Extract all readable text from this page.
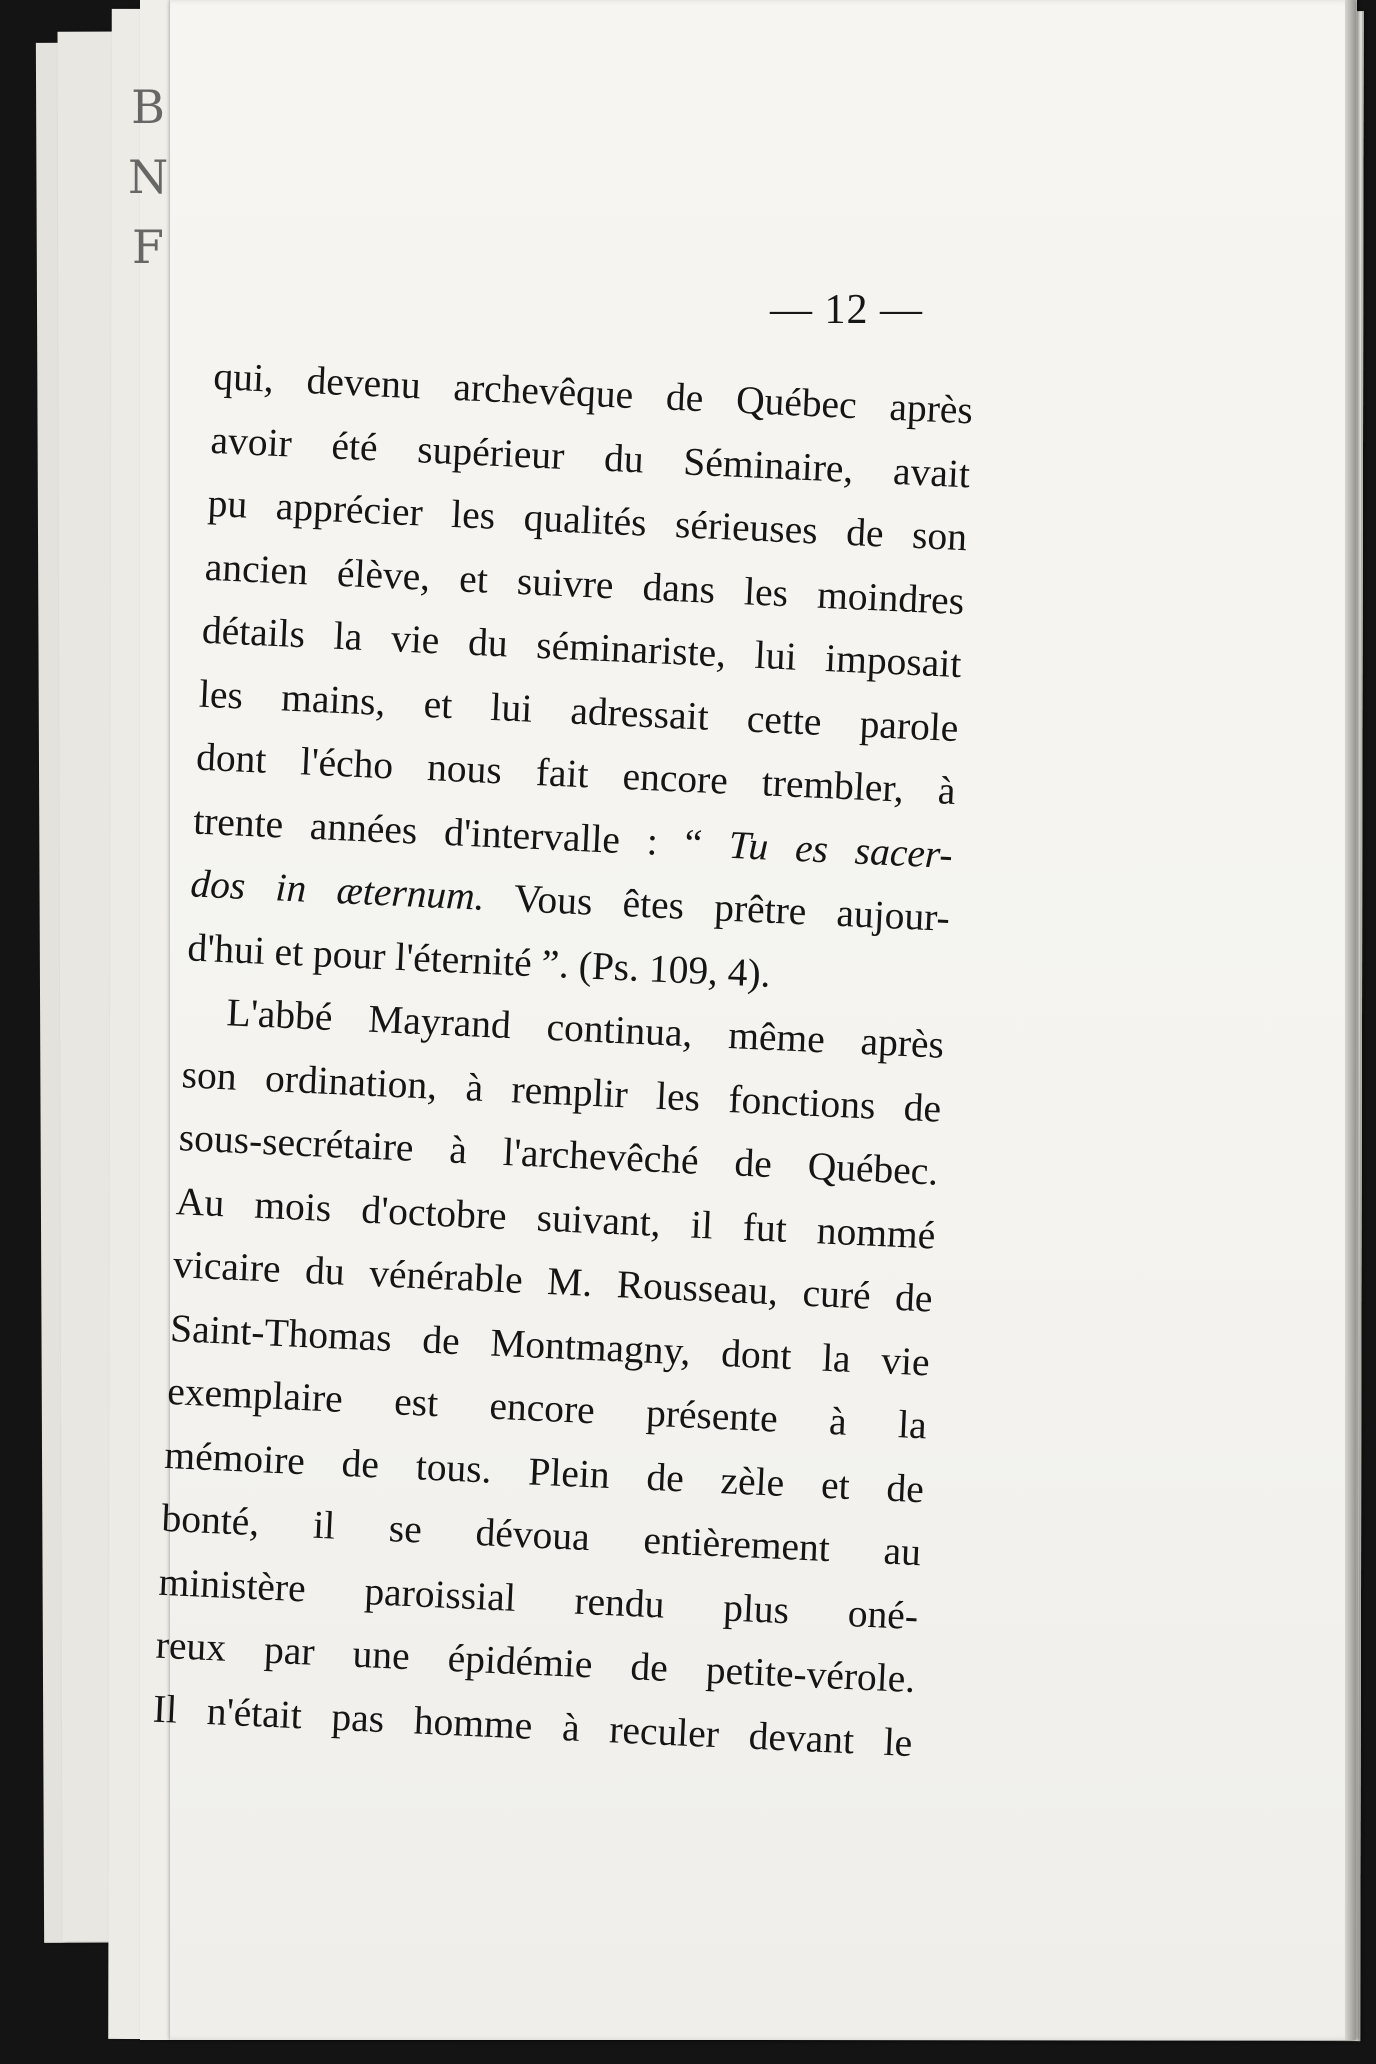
B
N
F
— 12 —
qui, devenu archevêque de Québec après
avoir été supérieur du Séminaire, avait
pu apprécier les qualités sérieuses de son
ancien élève, et suivre dans les moindres
détails la vie du séminariste, lui imposait
les mains, et lui adressait cette parole
dont l'écho nous fait encore trembler, à
trente années d'intervalle : “ Tu es sacer-
dos in æternum. Vous êtes prêtre aujour-
d'hui et pour l'éternité ”. (Ps. 109, 4).
L'abbé Mayrand continua, même après
son ordination, à remplir les fonctions de
sous-secrétaire à l'archevêché de Québec.
Au mois d'octobre suivant, il fut nommé
vicaire du vénérable M. Rousseau, curé de
Saint-Thomas de Montmagny, dont la vie
exemplaire est encore présente à la
mémoire de tous. Plein de zèle et de
bonté, il se dévoua entièrement au
ministère paroissial rendu plus oné-
reux par une épidémie de petite-vérole.
Il n'était pas homme à reculer devant le
